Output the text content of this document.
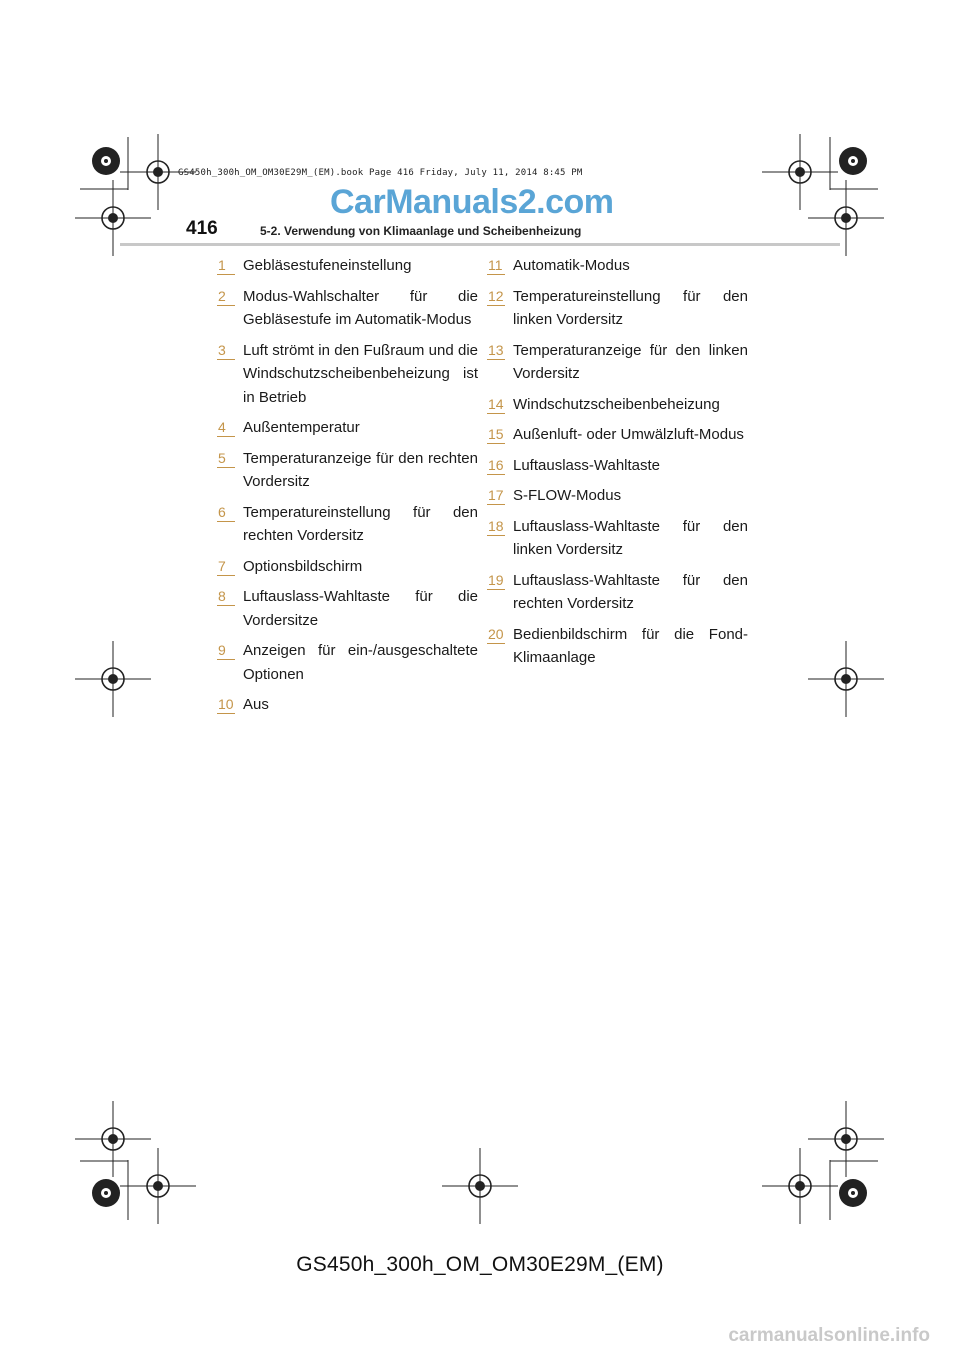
GS450h_300h_OM_OM30E29M_(EM).book Page 416 Friday, July 11, 2014 8:45 PM
CarManuals2.com
416	5-2. Verwendung von Klimaanlage und Scheibenheizung
1 Gebläsestufeneinstellung
2 Modus-Wahlschalter für die Gebläsestufe im Automatik-Modus
3 Luft strömt in den Fußraum und die Windschutzscheibenbeheizung ist in Betrieb
4 Außentemperatur
5 Temperaturanzeige für den rechten Vordersitz
6 Temperatureinstellung für den rechten Vordersitz
7 Optionsbildschirm
8 Luftauslass-Wahltaste für die Vordersitze
9 Anzeigen für ein-/ausgeschaltete Optionen
10 Aus
11 Automatik-Modus
12 Temperatureinstellung für den linken Vordersitz
13 Temperaturanzeige für den linken Vordersitz
14 Windschutzscheibenbeheizung
15 Außenluft- oder Umwälzluft-Modus
16 Luftauslass-Wahltaste
17 S-FLOW-Modus
18 Luftauslass-Wahltaste für den linken Vordersitz
19 Luftauslass-Wahltaste für den rechten Vordersitz
20 Bedienbildschirm für die Fond-Klimaanlage
GS450h_300h_OM_OM30E29M_(EM)
carmanualsonline.info
